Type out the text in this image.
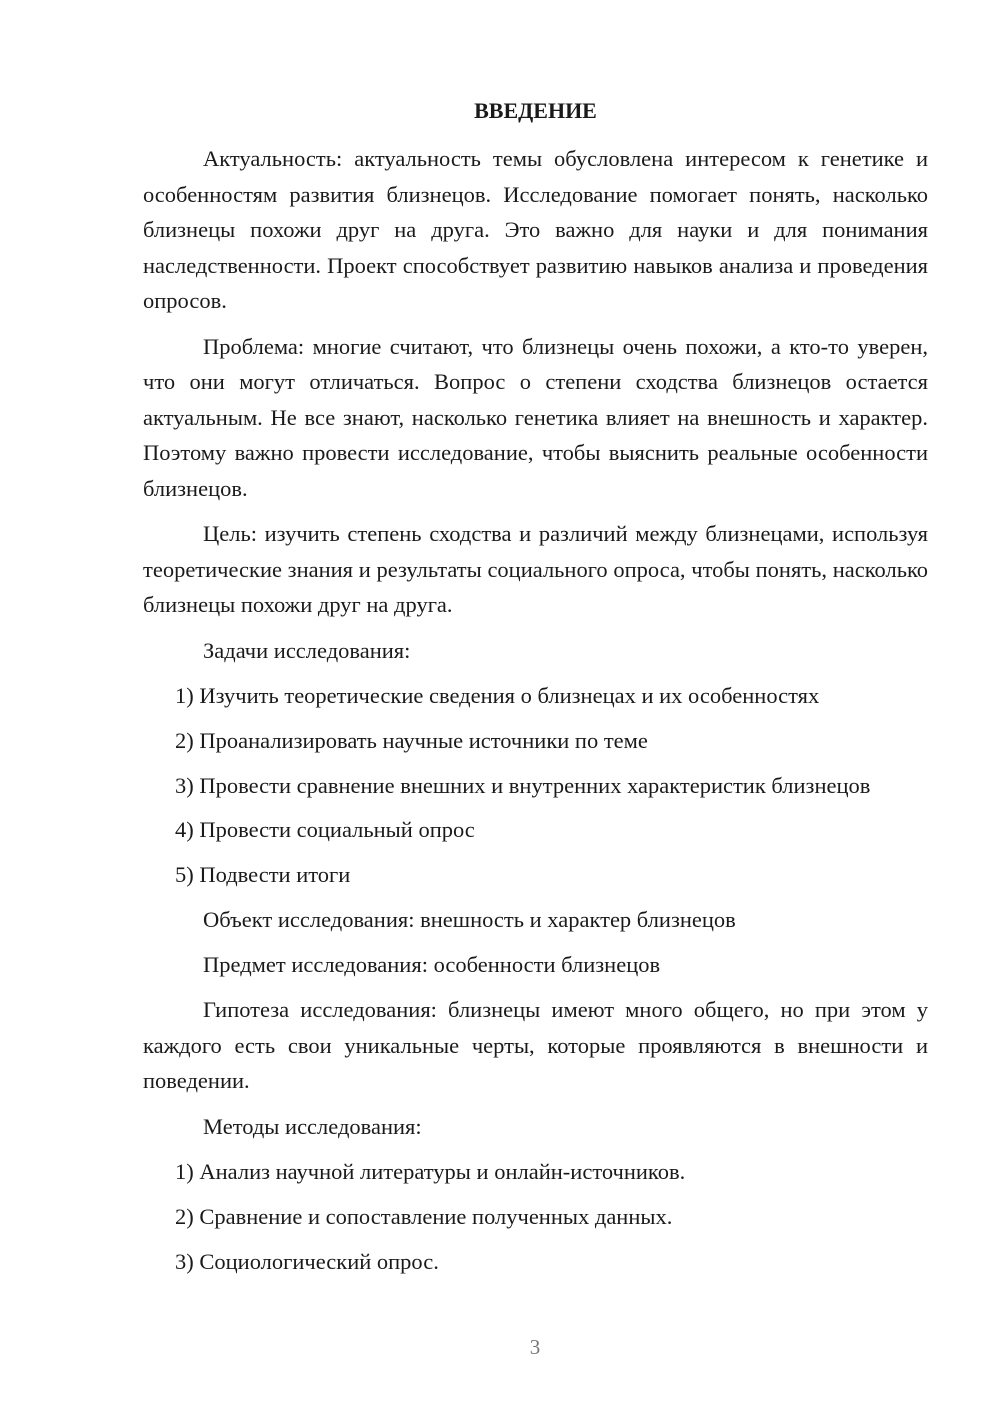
ВВЕДЕНИЕ

Актуальность: актуальность темы обусловлена интересом к генетике и особенностям развития близнецов. Исследование помогает понять, насколько близнецы похожи друг на друга. Это важно для науки и для понимания наследственности. Проект способствует развитию навыков анализа и проведения опросов.

Проблема: многие считают, что близнецы очень похожи, а кто-то уверен, что они могут отличаться. Вопрос о степени сходства близнецов остается актуальным. Не все знают, насколько генетика влияет на внешность и характер. Поэтому важно провести исследование, чтобы выяснить реальные особенности близнецов.

Цель: изучить степень сходства и различий между близнецами, используя теоретические знания и результаты социального опроса, чтобы понять, насколько близнецы похожи друг на друга.

Задачи исследования:
1) Изучить теоретические сведения о близнецах и их особенностях
2) Проанализировать научные источники по теме

3) Провести сравнение внешних и внутренних характеристик близнецов

4) Провести социальный опрос
5) Подвести итоги
Объект исследования: внешность и характер близнецов
Предмет исследования: особенности близнецов

Гипотеза исследования: близнецы имеют много общего, но при этом у каждого есть свои уникальные черты, которые проявляются в внешности и поведении.

Методы исследования:
1) Анализ научной литературы и онлайн-источников.
2) Сравнение и сопоставление полученных данных.
3) Социологический опрос.
3
